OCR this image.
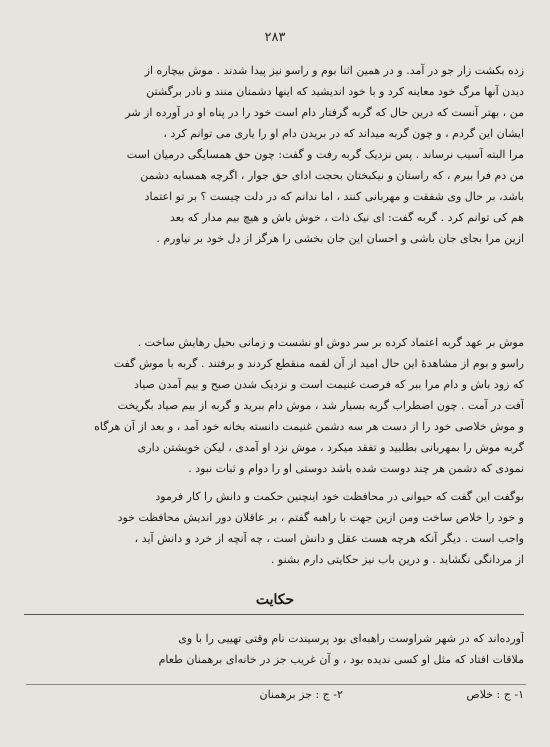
۲۸۳
زده بکشت زار جو در آمد. و در همین اثنا بوم و راسو نیز پیدا شدند . موش بیچاره از
دیدن آنها مرگ خود معاینه کرد و با خود اندیشید که اینها دشمنان منند و نادر برگشتن
من ، بهتر آنست که درین حال که گربه گرفتار دام است خود را در پناه او در آورده از شر
ایشان این گردم ، و چون گربه میداند که در بریدن دام او را یاری می توانم کرد ،
مرا البته آسیب نرساند . پس نزدیک گربه رفت و گفت: چون حق همسایگی درمیان است
من دم فرا بیرم ، که راستان و نیکبختان بحجت ادای حق جوار ، اگرچه همسایه دشمن
باشد، بر حال وی شفقت و مهربانی کنند ، اما ندانم که در دلت چیست ؟ بر تو اعتماد
هم کی توانم کرد . گربه گفت: ای نیک ذات ، خوش باش و هیچ بیم مدار که بعد
ازین مرا بجای جان باشی و احسان این جان بخشی را هرگز از دل خود بر نیاورم .
موش بر عهد گربه اعتماد کرده بر سر دوش او نشست و زمانی بحیل رهایش ساخت .
راسو و بوم از مشاهدۀ این حال امید از آن لقمه منقطع کردند و برفتند . گربه با موش گفت
که زود باش و دام مرا ببر که فرصت غنیمت است و نزدیک شدن صبح و بیم آمدن صیاد
آفت در آمت . چون اضطراب گربه بسیار شد ، موش دام ببرید و گربه از بیم صیاد بگریخت
و موش خلاصی خود را از دست هر سه دشمن غنیمت دانسته بخانه خود آمد ، و بعد از آن هرگاه
گربه موش را بمهربانی بطلبید و تفقد میکرد ، موش نزد او آمدی ، لیکن خویشتن داری
نمودی که دشمن هر چند دوست شده باشد دوستی او را دوام و ثبات نبود .
بوگفت این گفت که حیوانی در محافظت خود اینچنین حکمت و دانش را کار فرمود
و خود را خلاص ساخت ومن ازین جهت با راهبه گفتم ، بر عاقلان دور اندیش محافظت خود
واجب است . دیگر آنکه هرچه هست عقل و دانش است ، چه آنچه از خرد و دانش آید ،
از مردانگی نگشاید . و درین باب نیز حکایتی دارم بشنو .
حکایت
آورده‌اند که در شهر شراوست راهبه‌ای بود پرسیندت نام وقتی تهییی را با وی
ملاقات افتاد که مثل او کسی ندیده بود ، و آن غریب جز در خانه‌ای برهمنان طعام
۱- ج : خلاص ۲- ج : جز برهمنان
